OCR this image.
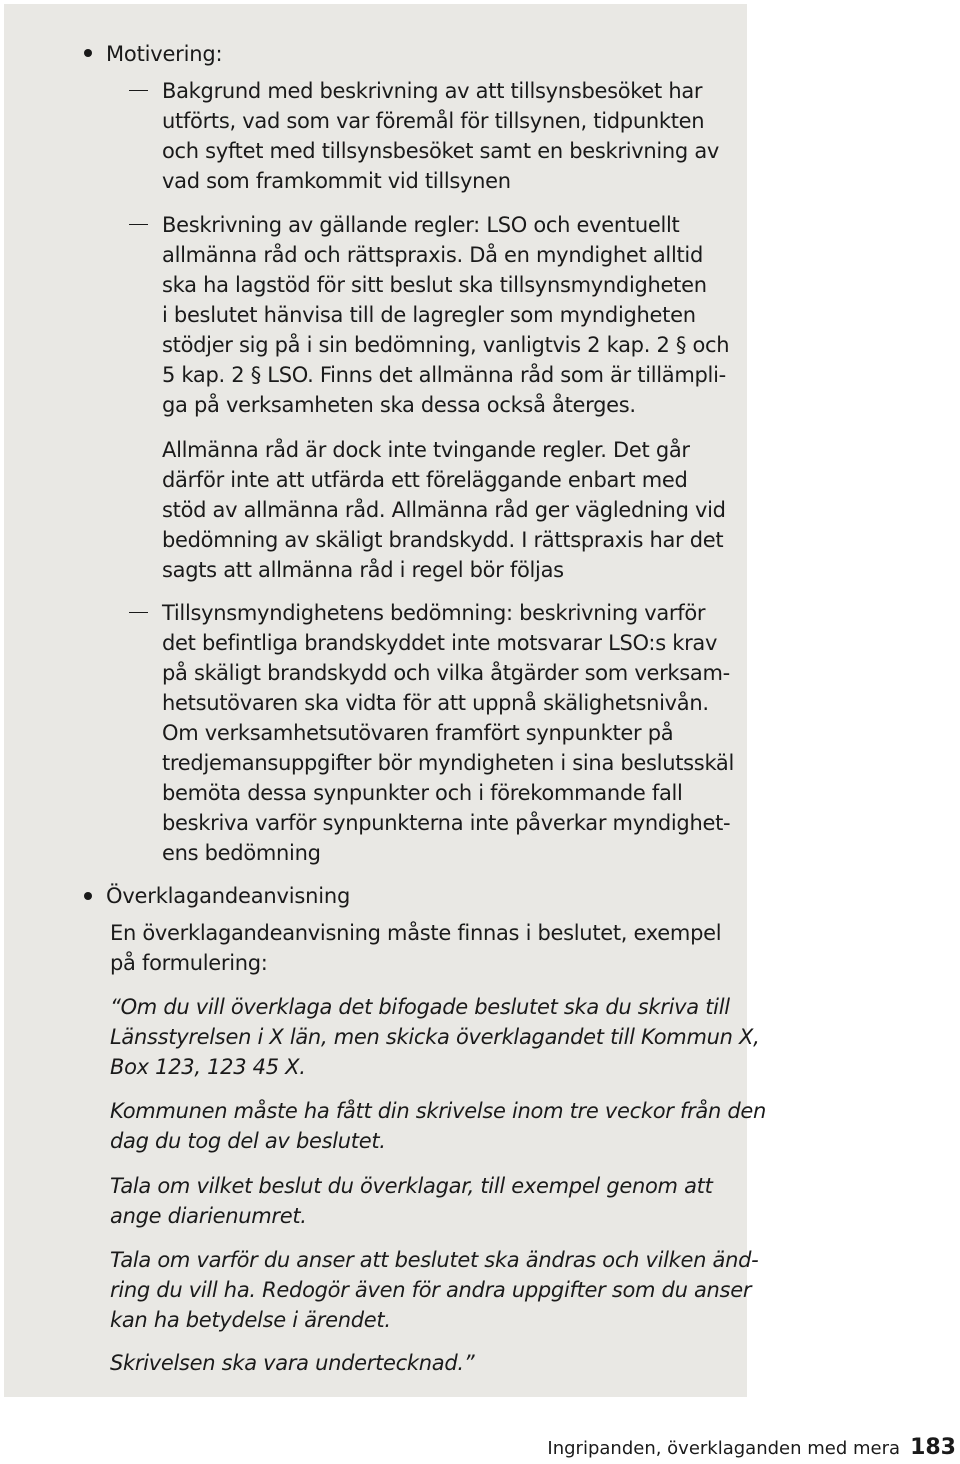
Motivering:
Bakgrund med beskrivning av att tillsynsbesöket har
utförts, vad som var föremål för tillsynen, tidpunkten
och syftet med tillsynsbesöket samt en beskrivning av
vad som framkommit vid tillsynen
Beskrivning av gällande regler: LSO och eventuellt
allmänna råd och rättspraxis. Då en myndighet alltid
ska ha lagstöd för sitt beslut ska tillsynsmyndigheten
i beslutet hänvisa till de lagregler som myndigheten
stödjer sig på i sin bedömning, vanligtvis 2 kap. 2 § och
5 kap. 2 § LSO. Finns det allmänna råd som är tillämpli-
ga på verksamheten ska dessa också återges.
Allmänna råd är dock inte tvingande regler. Det går
därför inte att utfärda ett föreläggande enbart med
stöd av allmänna råd. Allmänna råd ger vägledning vid
bedömning av skäligt brandskydd. I rättspraxis har det
sagts att allmänna råd i regel bör följas
Tillsynsmyndighetens bedömning: beskrivning varför
det befintliga brandskyddet inte motsvarar LSO:s krav
på skäligt brandskydd och vilka åtgärder som verksam-
hetsutövaren ska vidta för att uppnå skälighetsnivån.
Om verksamhetsutövaren framfört synpunkter på
tredjemansuppgifter bör myndigheten i sina beslutsskäl
bemöta dessa synpunkter och i förekommande fall
beskriva varför synpunkterna inte påverkar myndighet-
ens bedömning
Överklagandeanvisning
En överklagandeanvisning måste finnas i beslutet, exempel
på formulering:
“Om du vill överklaga det bifogade beslutet ska du skriva till
Länsstyrelsen i X län, men skicka överklagandet till Kommun X,
Box 123, 123 45 X.
Kommunen måste ha fått din skrivelse inom tre veckor från den
dag du tog del av beslutet.
Tala om vilket beslut du överklagar, till exempel genom att
ange diarienumret.
Tala om varför du anser att beslutet ska ändras och vilken änd-
ring du vill ha. Redogör även för andra uppgifter som du anser
kan ha betydelse i ärendet.
Skrivelsen ska vara undertecknad.”
Ingripanden, överklaganden med mera 183
